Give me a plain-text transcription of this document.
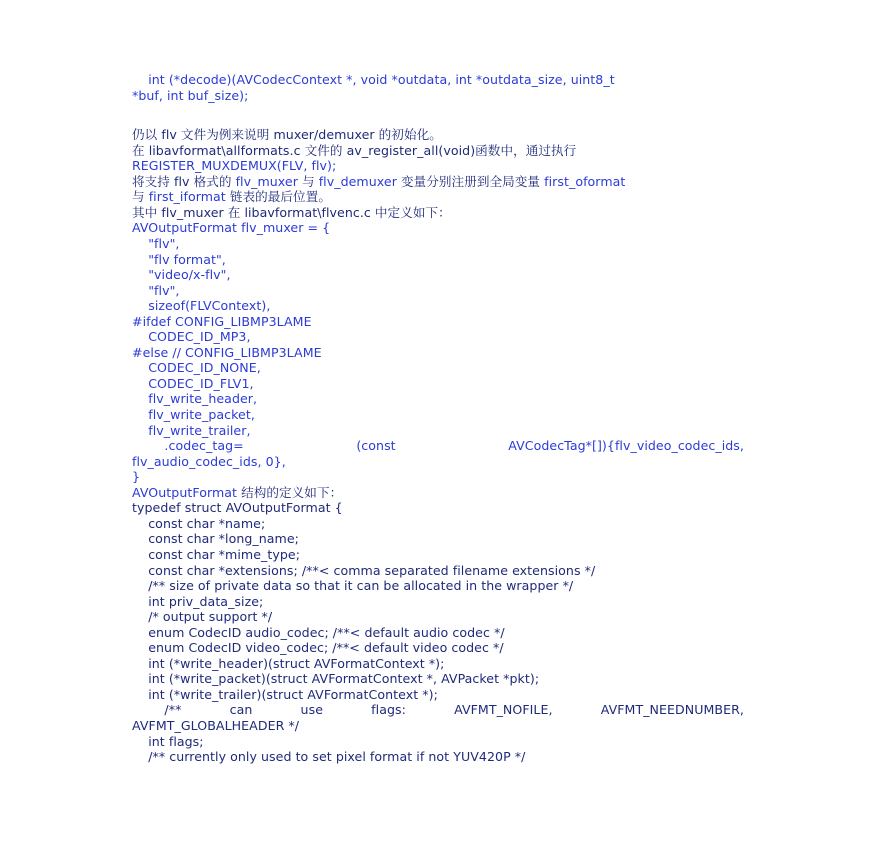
int (*decode)(AVCodecContext *, void *outdata, int *outdata_size, uint8_t
*buf, int buf_size);
仍以 flv 文件为例来说明 muxer/demuxer 的初始化。
在 libavformat\allformats.c 文件的 av_register_all(void)函数中，通过执行
REGISTER_MUXDEMUX(FLV, flv);
将支持 flv 格式的 flv_muxer 与 flv_demuxer 变量分别注册到全局变量 first_oformat
与 first_iformat 链表的最后位置。
其中 flv_muxer 在 libavformat\flvenc.c 中定义如下：
AVOutputFormat flv_muxer = {
"flv",
"flv format",
"video/x-flv",
"flv",
sizeof(FLVContext),
#ifdef CONFIG_LIBMP3LAME
CODEC_ID_MP3,
#else // CONFIG_LIBMP3LAME
CODEC_ID_NONE,
CODEC_ID_FLV1,
flv_write_header,
flv_write_packet,
flv_write_trailer,
.codec_tag=	(const	AVCodecTag*[]){flv_video_codec_ids,
flv_audio_codec_ids, 0},
}
AVOutputFormat 结构的定义如下：
typedef struct AVOutputFormat {
const char *name;
const char *long_name;
const char *mime_type;
const char *extensions; /**< comma separated filename extensions */
/** size of private data so that it can be allocated in the wrapper */
int priv_data_size;
/* output support */
enum CodecID audio_codec; /**< default audio codec */
enum CodecID video_codec; /**< default video codec */
int (*write_header)(struct AVFormatContext *);
int (*write_packet)(struct AVFormatContext *, AVPacket *pkt);
int (*write_trailer)(struct AVFormatContext *);
/**	can	use	flags:	AVFMT_NOFILE,	AVFMT_NEEDNUMBER,
AVFMT_GLOBALHEADER */
int flags;
/** currently only used to set pixel format if not YUV420P */
